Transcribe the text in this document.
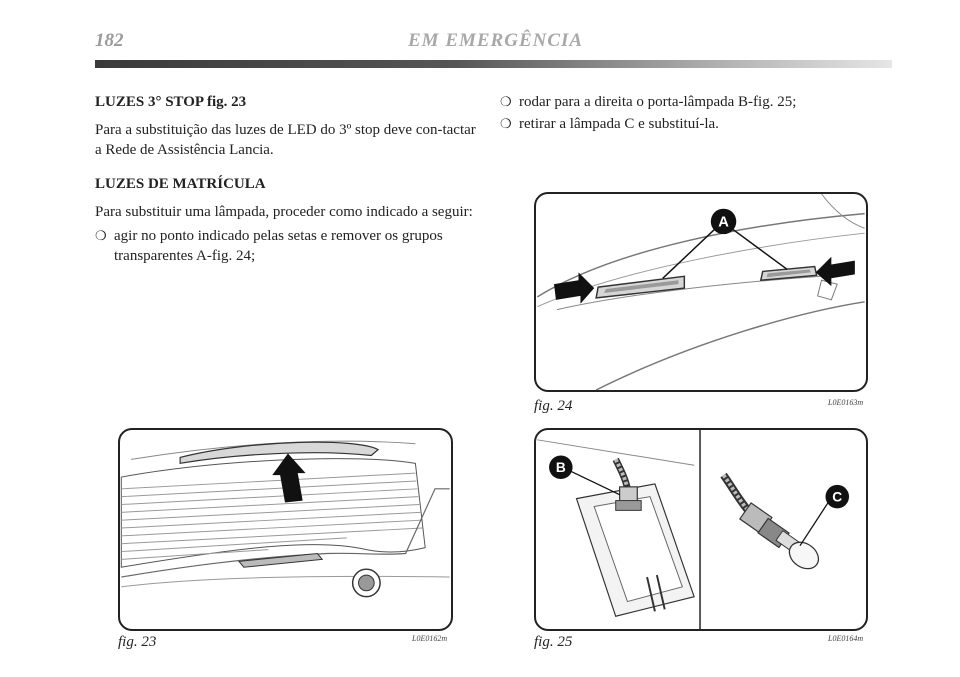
182	EM EMERGÊNCIA
LUZES 3° STOP fig. 23
Para a substituição das luzes de LED do 3º stop deve con-tactar a Rede de Assistência Lancia.
LUZES DE MATRÍCULA
Para substituir uma lâmpada, proceder como indicado a seguir:
❍ agir no ponto indicado pelas setas e remover os grupos transparentes A-fig. 24;
❍ rodar para a direita o porta-lâmpada B-fig. 25;
❍ retirar a lâmpada C e substituí-la.
A
fig. 24	L0E0163m
fig. 23	L0E0162m
B
C
fig. 25	L0E0164m
